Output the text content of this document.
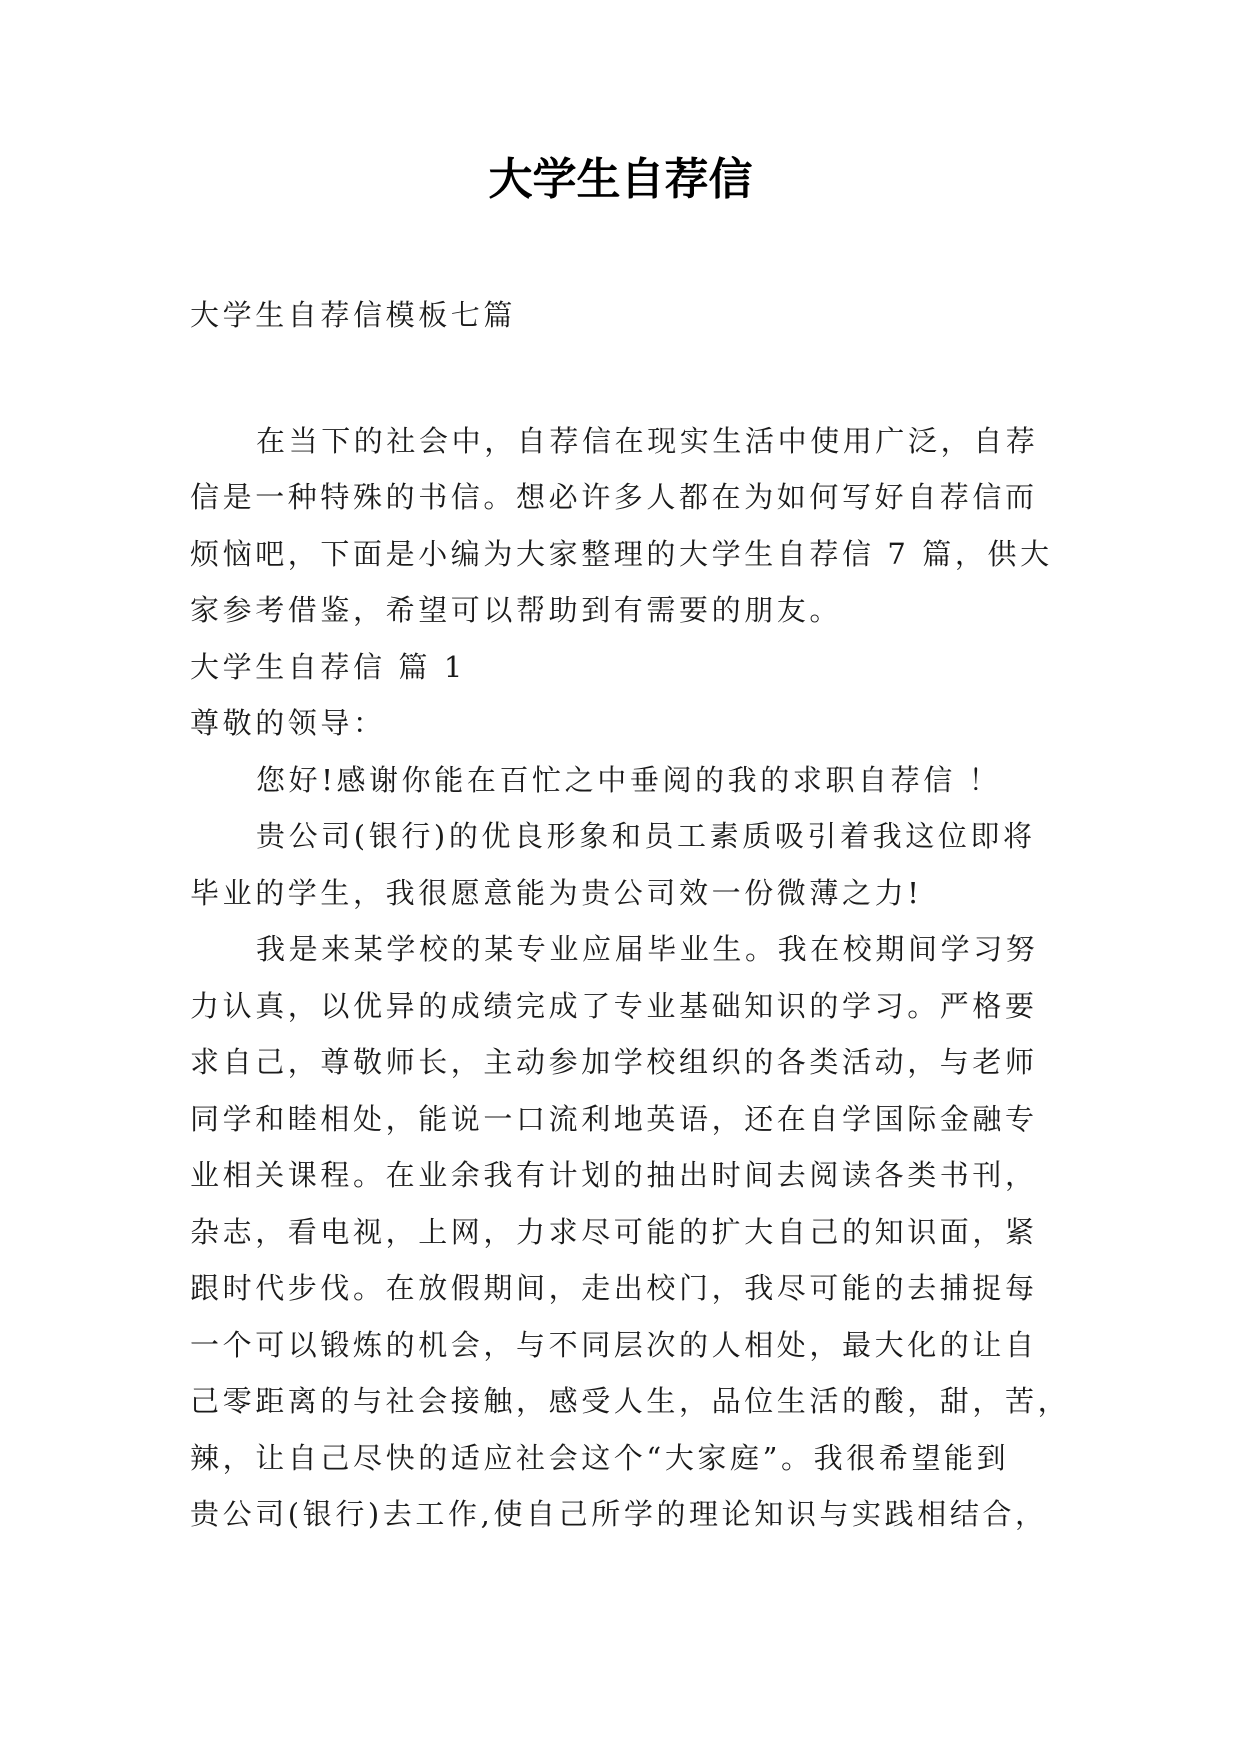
大学生自荐信
大学生自荐信模板七篇
在当下的社会中，自荐信在现实生活中使用广泛，自荐
信是一种特殊的书信。想必许多人都在为如何写好自荐信而
烦恼吧，下面是小编为大家整理的大学生自荐信 7 篇，供大
家参考借鉴，希望可以帮助到有需要的朋友。
大学生自荐信 篇 1
尊敬的领导：
您好!感谢你能在百忙之中垂阅的我的求职自荐信 ！
贵公司(银行)的优良形象和员工素质吸引着我这位即将
毕业的学生，我很愿意能为贵公司效一份微薄之力!
我是来某学校的某专业应届毕业生。我在校期间学习努
力认真，以优异的成绩完成了专业基础知识的学习。严格要
求自己，尊敬师长，主动参加学校组织的各类活动，与老师
同学和睦相处，能说一口流利地英语，还在自学国际金融专
业相关课程。在业余我有计划的抽出时间去阅读各类书刊，
杂志，看电视，上网，力求尽可能的扩大自己的知识面，紧
跟时代步伐。在放假期间，走出校门，我尽可能的去捕捉每
一个可以锻炼的机会，与不同层次的人相处，最大化的让自
己零距离的与社会接触，感受人生，品位生活的酸，甜，苦，
辣，让自己尽快的适应社会这个“大家庭”。我很希望能到
贵公司(银行)去工作,使自己所学的理论知识与实践相结合，
